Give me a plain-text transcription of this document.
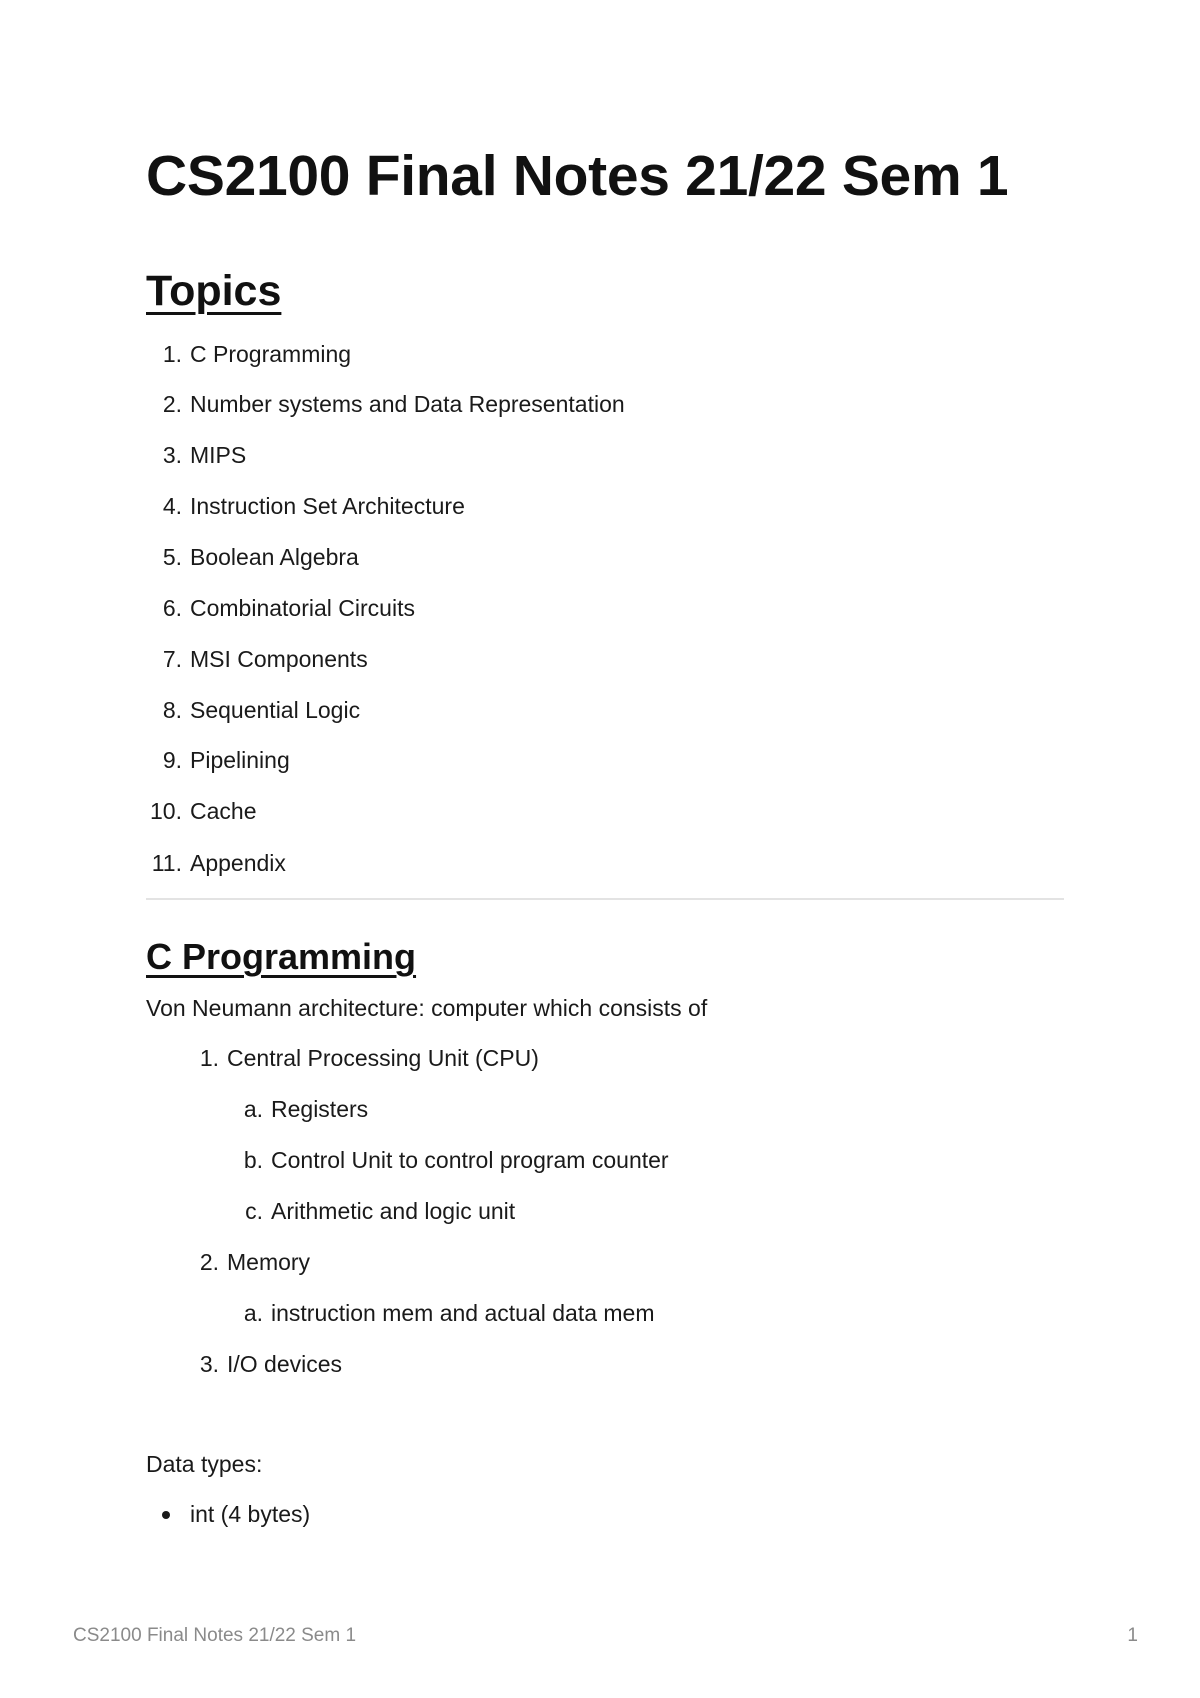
CS2100 Final Notes 21/22 Sem 1
Topics
1. C Programming
2. Number systems and Data Representation
3. MIPS
4. Instruction Set Architecture
5. Boolean Algebra
6. Combinatorial Circuits
7. MSI Components
8. Sequential Logic
9. Pipelining
10. Cache
11. Appendix
C Programming

Von Neumann architecture: computer which consists of

1. Central Processing Unit (CPU)
a. Registers
b. Control Unit to control program counter
c. Arithmetic and logic unit
2. Memory
a. instruction mem and actual data mem
3. I/O devices

Data types:

int (4 bytes)
CS2100 Final Notes 21/22 Sem 1	1
